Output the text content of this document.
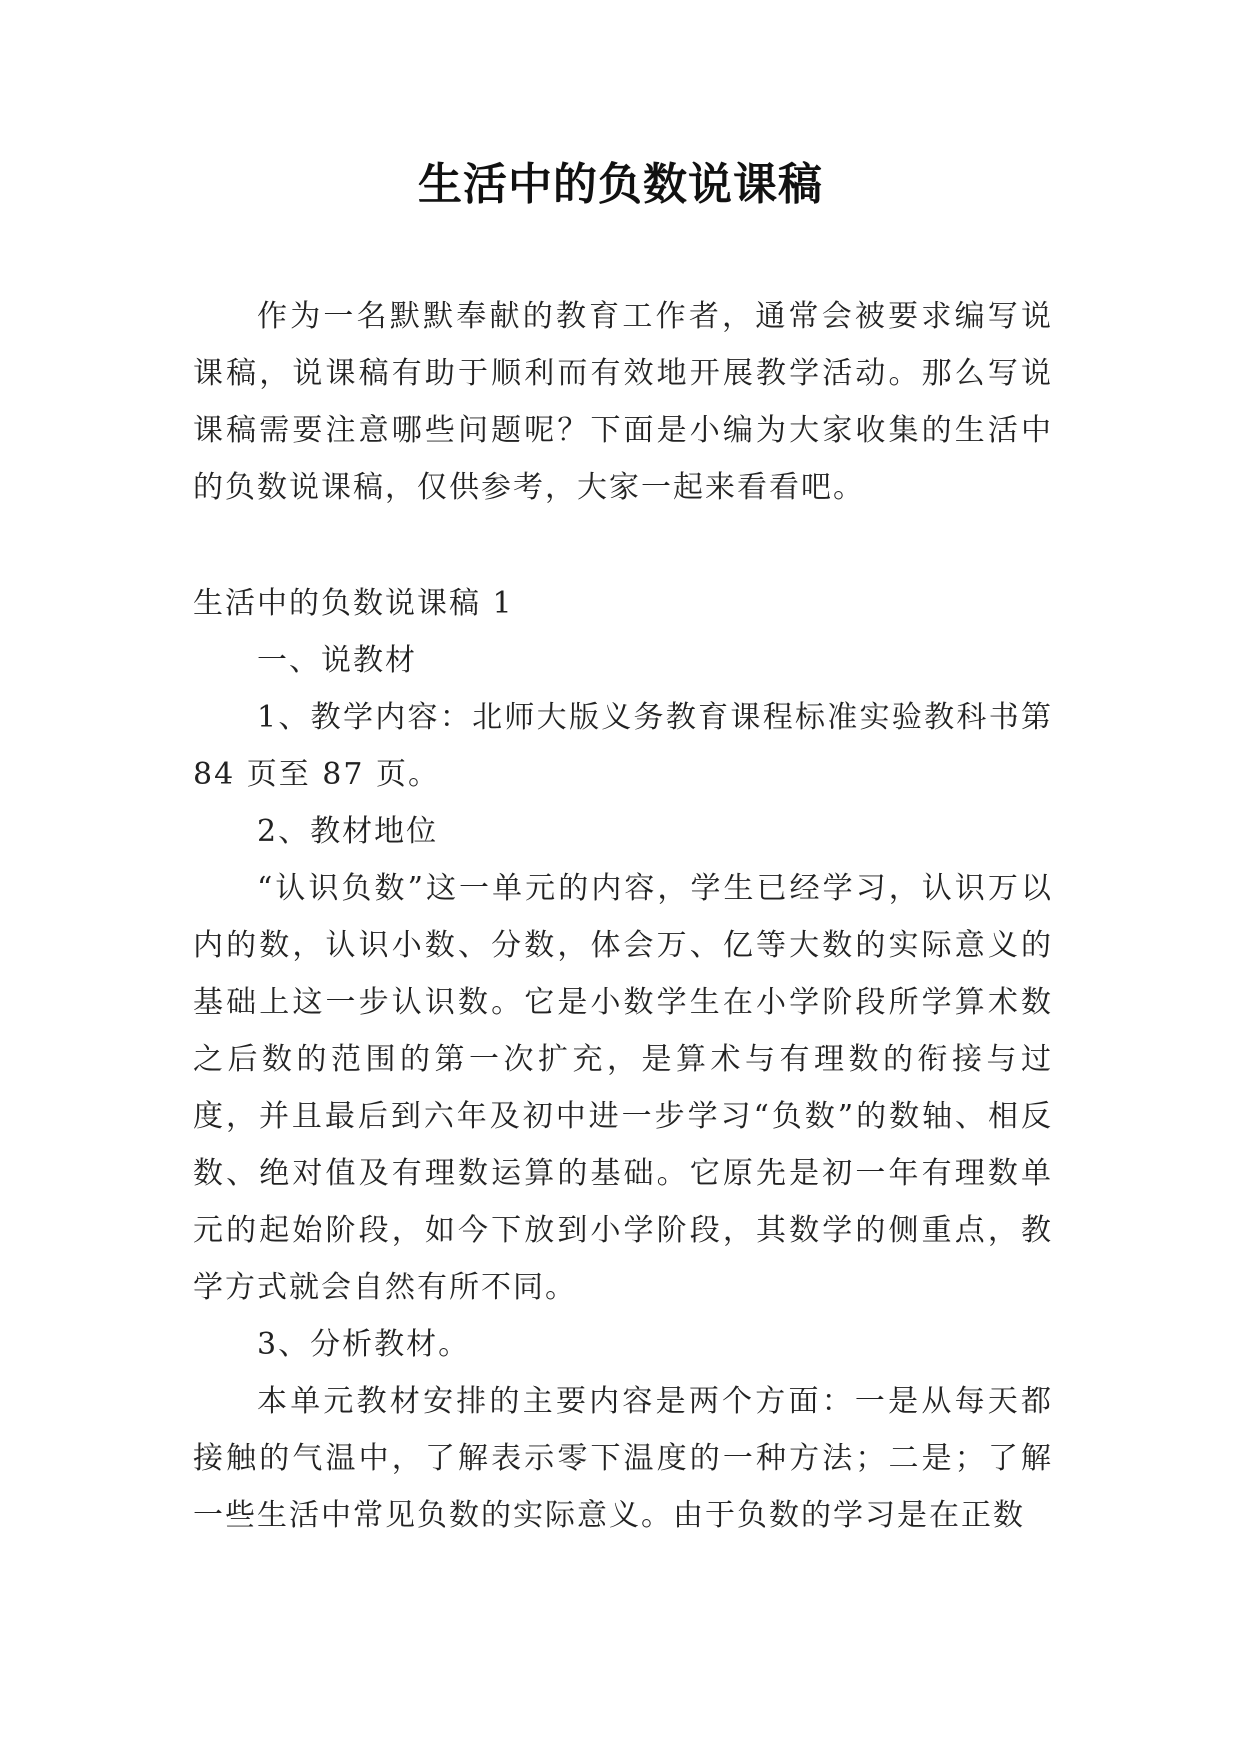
生活中的负数说课稿

作为一名默默奉献的教育工作者，通常会被要求编写说课稿，说课稿有助于顺利而有效地开展教学活动。那么写说课稿需要注意哪些问题呢？下面是小编为大家收集的生活中的负数说课稿，仅供参考，大家一起来看看吧。

生活中的负数说课稿 1

一、说教材

1、教学内容：北师大版义务教育课程标准实验教科书第 84 页至 87 页。

2、教材地位

“认识负数”这一单元的内容，学生已经学习，认识万以内的数，认识小数、分数，体会万、亿等大数的实际意义的基础上这一步认识数。它是小数学生在小学阶段所学算术数之后数的范围的第一次扩充，是算术与有理数的衔接与过度，并且最后到六年及初中进一步学习“负数”的数轴、相反数、绝对值及有理数运算的基础。它原先是初一年有理数单元的起始阶段，如今下放到小学阶段，其数学的侧重点，教学方式就会自然有所不同。

3、分析教材。

本单元教材安排的主要内容是两个方面：一是从每天都接触的气温中，了解表示零下温度的一种方法；二是；了解一些生活中常见负数的实际意义。由于负数的学习是在正数
